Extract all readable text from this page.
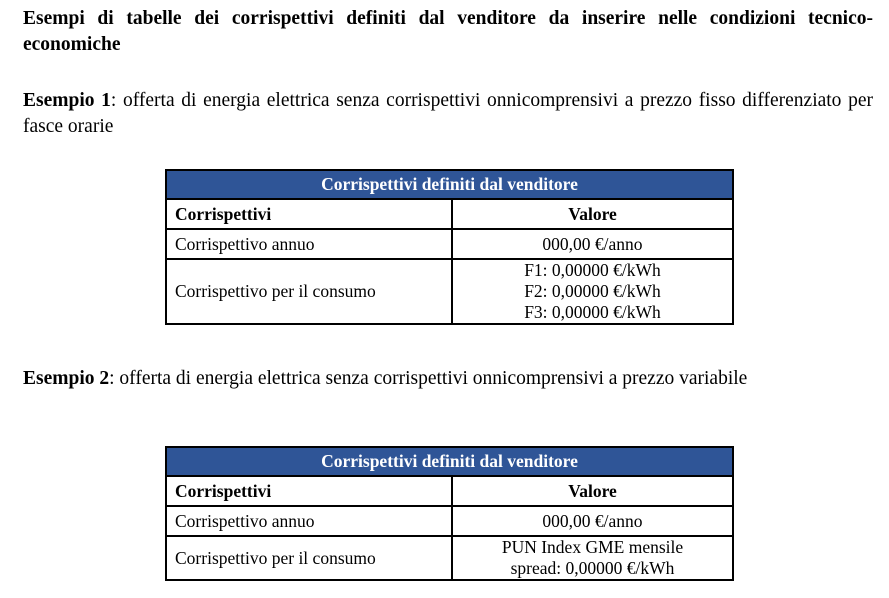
Esempi di tabelle dei corrispettivi definiti dal venditore da inserire nelle condizioni tecnico-economiche
Esempio 1: offerta di energia elettrica senza corrispettivi onnicomprensivi a prezzo fisso differenziato per fasce orarie
Corrispettivi definiti dal venditore	
Corrispettivi	Valore
Corrispettivo annuo	000,00 €/anno
Corrispettivo per il consumo	F1: 0,00000 €/kWh
F2: 0,00000 €/kWh
F3: 0,00000 €/kWh
Esempio 2: offerta di energia elettrica senza corrispettivi onnicomprensivi a prezzo variabile
Corrispettivi definiti dal venditore	
Corrispettivi	Valore
Corrispettivo annuo	000,00 €/anno
Corrispettivo per il consumo	PUN Index GME mensile
spread: 0,00000 €/kWh
